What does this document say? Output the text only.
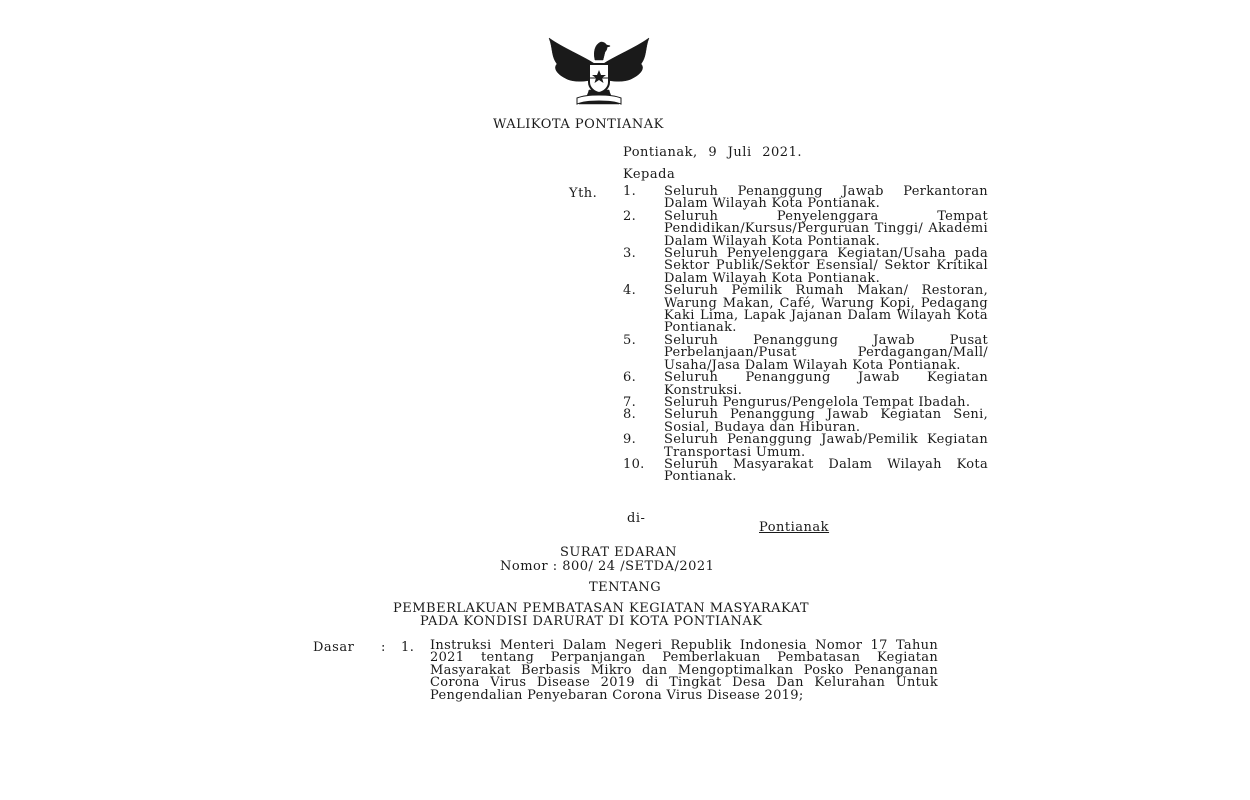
WALIKOTA PONTIANAK
Pontianak, 9 Juli 2021.
Kepada
Yth. 1.	Seluruh Penanggung Jawab Perkantoran Dalam Wilayah Kota Pontianak.
2.	Seluruh Penyelenggara Tempat Pendidikan/Kursus/Perguruan Tinggi/ Akademi Dalam Wilayah Kota Pontianak.
3.	Seluruh Penyelenggara Kegiatan/Usaha pada Sektor Publik/Sektor Esensial/ Sektor Kritikal Dalam Wilayah Kota Pontianak.
4.	Seluruh Pemilik Rumah Makan/ Restoran, Warung Makan, Café, Warung Kopi, Pedagang Kaki Lima, Lapak Jajanan Dalam Wilayah Kota Pontianak.
5.	Seluruh Penanggung Jawab Pusat Perbelanjaan/Pusat Perdagangan/Mall/ Usaha/Jasa Dalam Wilayah Kota Pontianak.
6.	Seluruh Penanggung Jawab Kegiatan Konstruksi.
7.	Seluruh Pengurus/Pengelola Tempat Ibadah.
8.	Seluruh Penanggung Jawab Kegiatan Seni, Sosial, Budaya dan Hiburan.
9.	Seluruh Penanggung Jawab/Pemilik Kegiatan Transportasi Umum.
10.	Seluruh Masyarakat Dalam Wilayah Kota Pontianak.
di-
Pontianak
SURAT EDARAN
Nomor : 800/ 24 /SETDA/2021
TENTANG
PEMBERLAKUAN PEMBATASAN KEGIATAN MASYARAKAT
PADA KONDISI DARURAT DI KOTA PONTIANAK
Dasar : 1. Instruksi Menteri Dalam Negeri Republik Indonesia Nomor 17 Tahun 2021 tentang Perpanjangan Pemberlakuan Pembatasan Kegiatan Masyarakat Berbasis Mikro dan Mengoptimalkan Posko Penanganan Corona Virus Disease 2019 di Tingkat Desa Dan Kelurahan Untuk Pengendalian Penyebaran Corona Virus Disease 2019;
